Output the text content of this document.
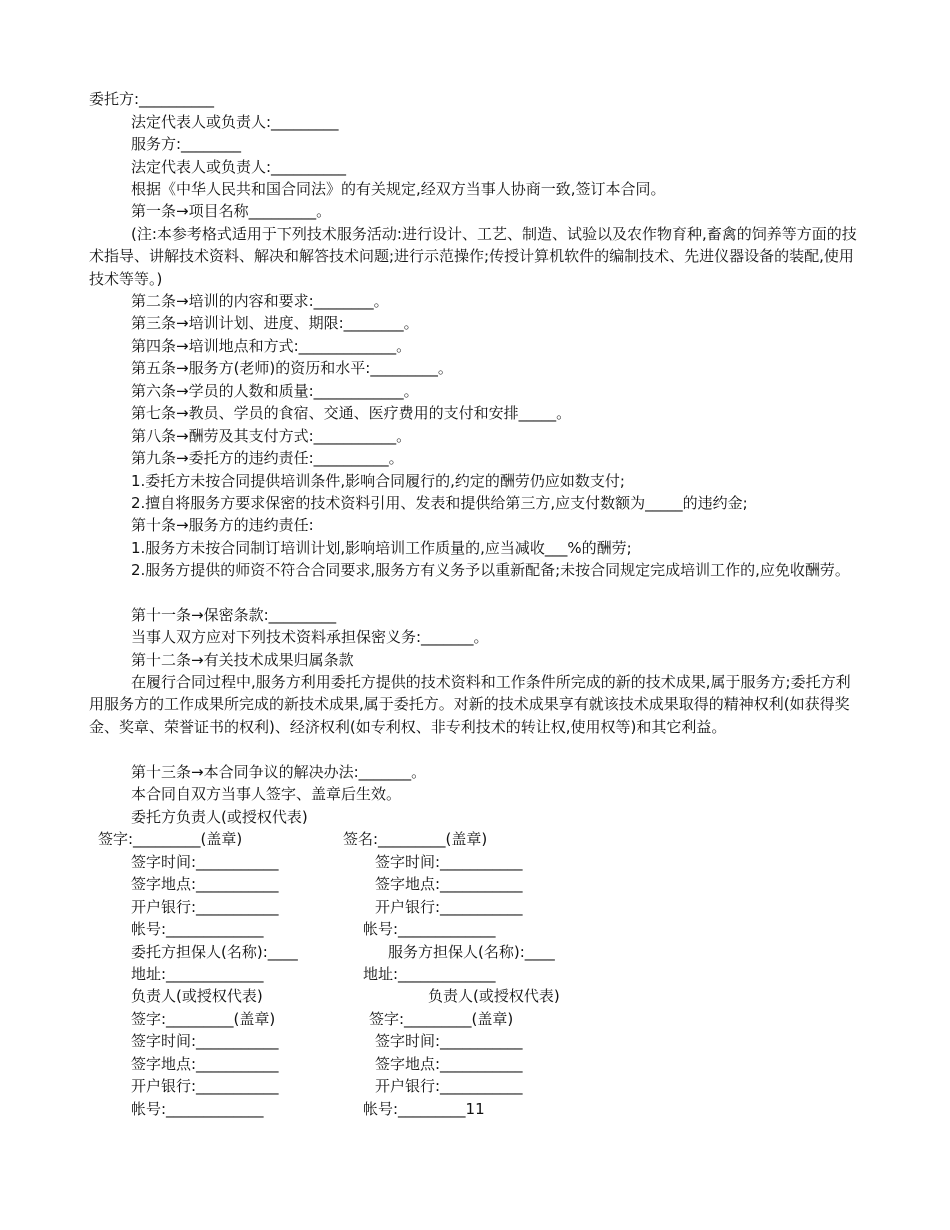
委托方:__________
法定代表人或负责人:_________
服务方:________
法定代表人或负责人:__________
根据《中华人民共和国合同法》的有关规定,经双方当事人协商一致,签订本合同。
第一条→项目名称_________。
(注:本参考格式适用于下列技术服务活动:进行设计、工艺、制造、试验以及农作物育种,畜禽的饲养等方面的技术指导、讲解技术资料、解决和解答技术问题;进行示范操作;传授计算机软件的编制技术、先进仪器设备的装配,使用技术等等。)
第二条→培训的内容和要求:________。
第三条→培训计划、进度、期限:________。
第四条→培训地点和方式:_____________。
第五条→服务方(老师)的资历和水平:_________。
第六条→学员的人数和质量:____________。
第七条→教员、学员的食宿、交通、医疗费用的支付和安排_____。
第八条→酬劳及其支付方式:___________。
第九条→委托方的违约责任:__________。
1.委托方未按合同提供培训条件,影响合同履行的,约定的酬劳仍应如数支付;
2.擅自将服务方要求保密的技术资料引用、发表和提供给第三方,应支付数额为_____的违约金;
第十条→服务方的违约责任:
1.服务方未按合同制订培训计划,影响培训工作质量的,应当减收___%的酬劳;
2.服务方提供的师资不符合合同要求,服务方有义务予以重新配备;未按合同规定完成培训工作的,应免收酬劳。
第十一条→保密条款:_________
当事人双方应对下列技术资料承担保密义务:_______。
第十二条→有关技术成果归属条款
在履行合同过程中,服务方利用委托方提供的技术资料和工作条件所完成的新的技术成果,属于服务方;委托方利用服务方的工作成果所完成的新技术成果,属于委托方。对新的技术成果享有就该技术成果取得的精神权利(如获得奖金、奖章、荣誉证书的权利)、经济权利(如专利权、非专利技术的转让权,使用权等)和其它利益。
第十三条→本合同争议的解决办法:_______。
本合同自双方当事人签字、盖章后生效。
委托方负责人(或授权代表)
签字:_________(盖章)
签字时间:___________
签字地点:___________
开户银行:___________
帐号:_____________
委托方担保人(名称):____
地址:_____________
负责人(或授权代表)
签字:_________(盖章)
签字时间:___________
签字地点:___________
开户银行:___________
帐号:_____________
签名:_________(盖章)
签字时间:___________
签字地点:___________
开户银行:___________
帐号:_____________
服务方担保人(名称):____
地址:_____________
负责人(或授权代表)
签字:_________(盖章)
签字时间:___________
签字地点:___________
开户银行:___________
帐号:_________11
